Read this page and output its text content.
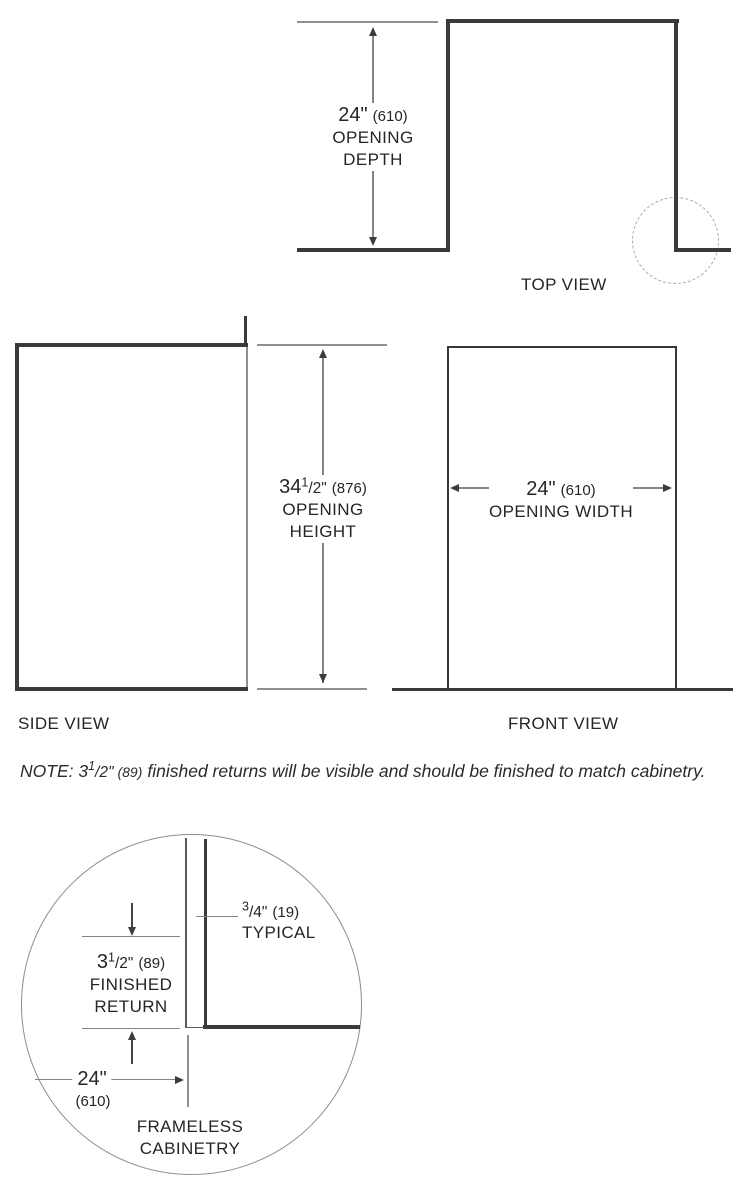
24" (610)
OPENING
DEPTH
TOP VIEW
34$^1$/2" (876)
OPENING
HEIGHT
SIDE VIEW
24" (610)
OPENING WIDTH
FRONT VIEW
NOTE: 3$^1$/2" (89) finished returns will be visible and should be finished to match cabinetry.
$^3$/4" (19)
TYPICAL
3$^1$/2" (89)
FINISHED
RETURN
24"
(610)
FRAMELESS
CABINETRY
